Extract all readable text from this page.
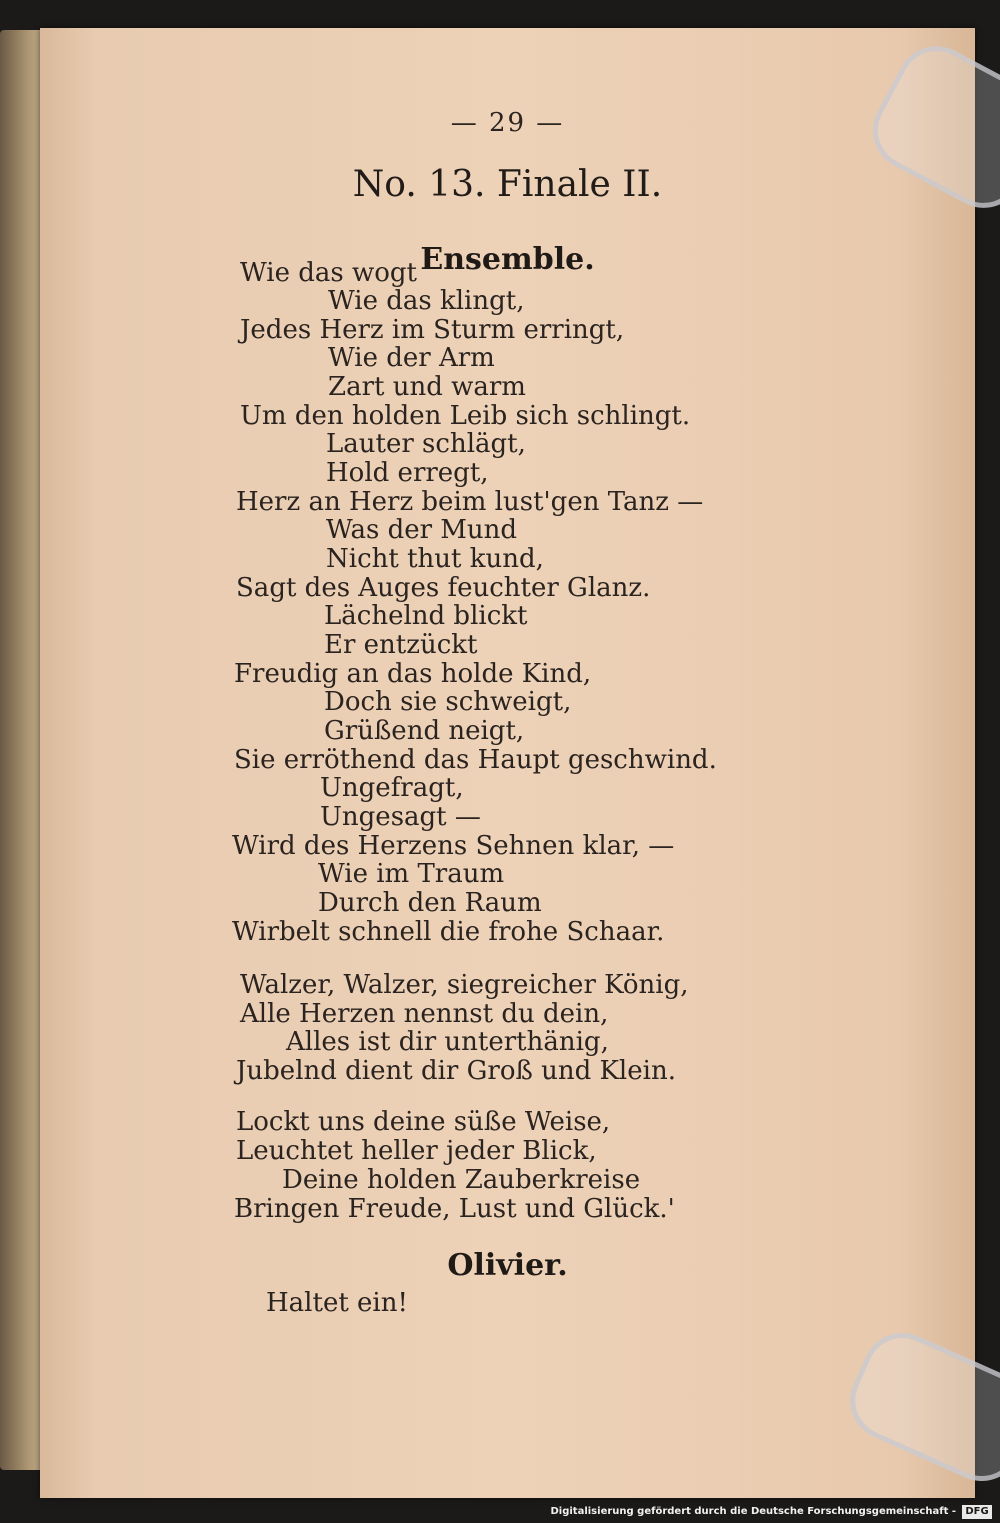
— 29 —
No. 13. Finale II.
Ensemble.
Wie das wogt
Wie das klingt,
Jedes Herz im Sturm erringt,
Wie der Arm
Zart und warm
Um den holden Leib sich schlingt.
Lauter schlägt,
Hold erregt,
Herz an Herz beim lust'gen Tanz —
Was der Mund
Nicht thut kund,
Sagt des Auges feuchter Glanz.
Lächelnd blickt
Er entzückt
Freudig an das holde Kind,
Doch sie schweigt,
Grüßend neigt,
Sie erröthend das Haupt geschwind.
Ungefragt,
Ungesagt —
Wird des Herzens Sehnen klar, —
Wie im Traum
Durch den Raum
Wirbelt schnell die frohe Schaar.
Walzer, Walzer, siegreicher König,
Alle Herzen nennst du dein,
Alles ist dir unterthänig,
Jubelnd dient dir Groß und Klein.
Lockt uns deine süße Weise,
Leuchtet heller jeder Blick,
Deine holden Zauberkreise
Bringen Freude, Lust und Glück.'
Olivier.
Haltet ein!
Digitalisierung gefördert durch die Deutsche Forschungsgemeinschaft - DFG
